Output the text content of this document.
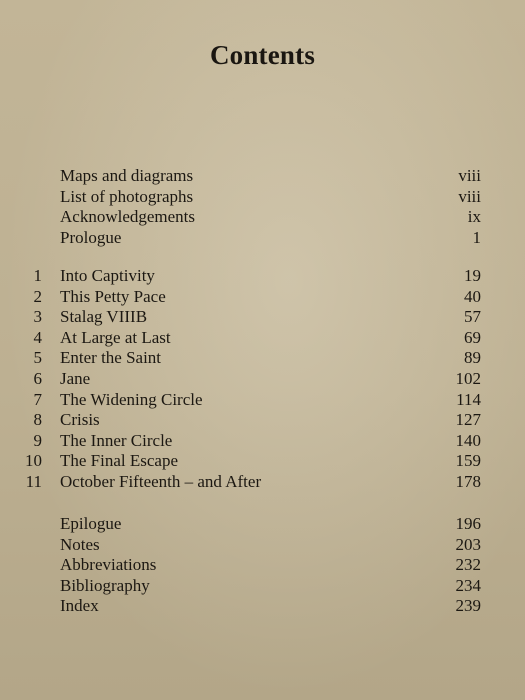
Contents
Maps and diagrams	viii
List of photographs	viii
Acknowledgements	ix
Prologue	1
1 Into Captivity	19
2 This Petty Pace	40
3 Stalag VIIIB	57
4 At Large at Last	69
5 Enter the Saint	89
6 Jane	102
7 The Widening Circle	114
8 Crisis	127
9 The Inner Circle	140
10 The Final Escape	159
11 October Fifteenth – and After	178
Epilogue	196
Notes	203
Abbreviations	232
Bibliography	234
Index	239
